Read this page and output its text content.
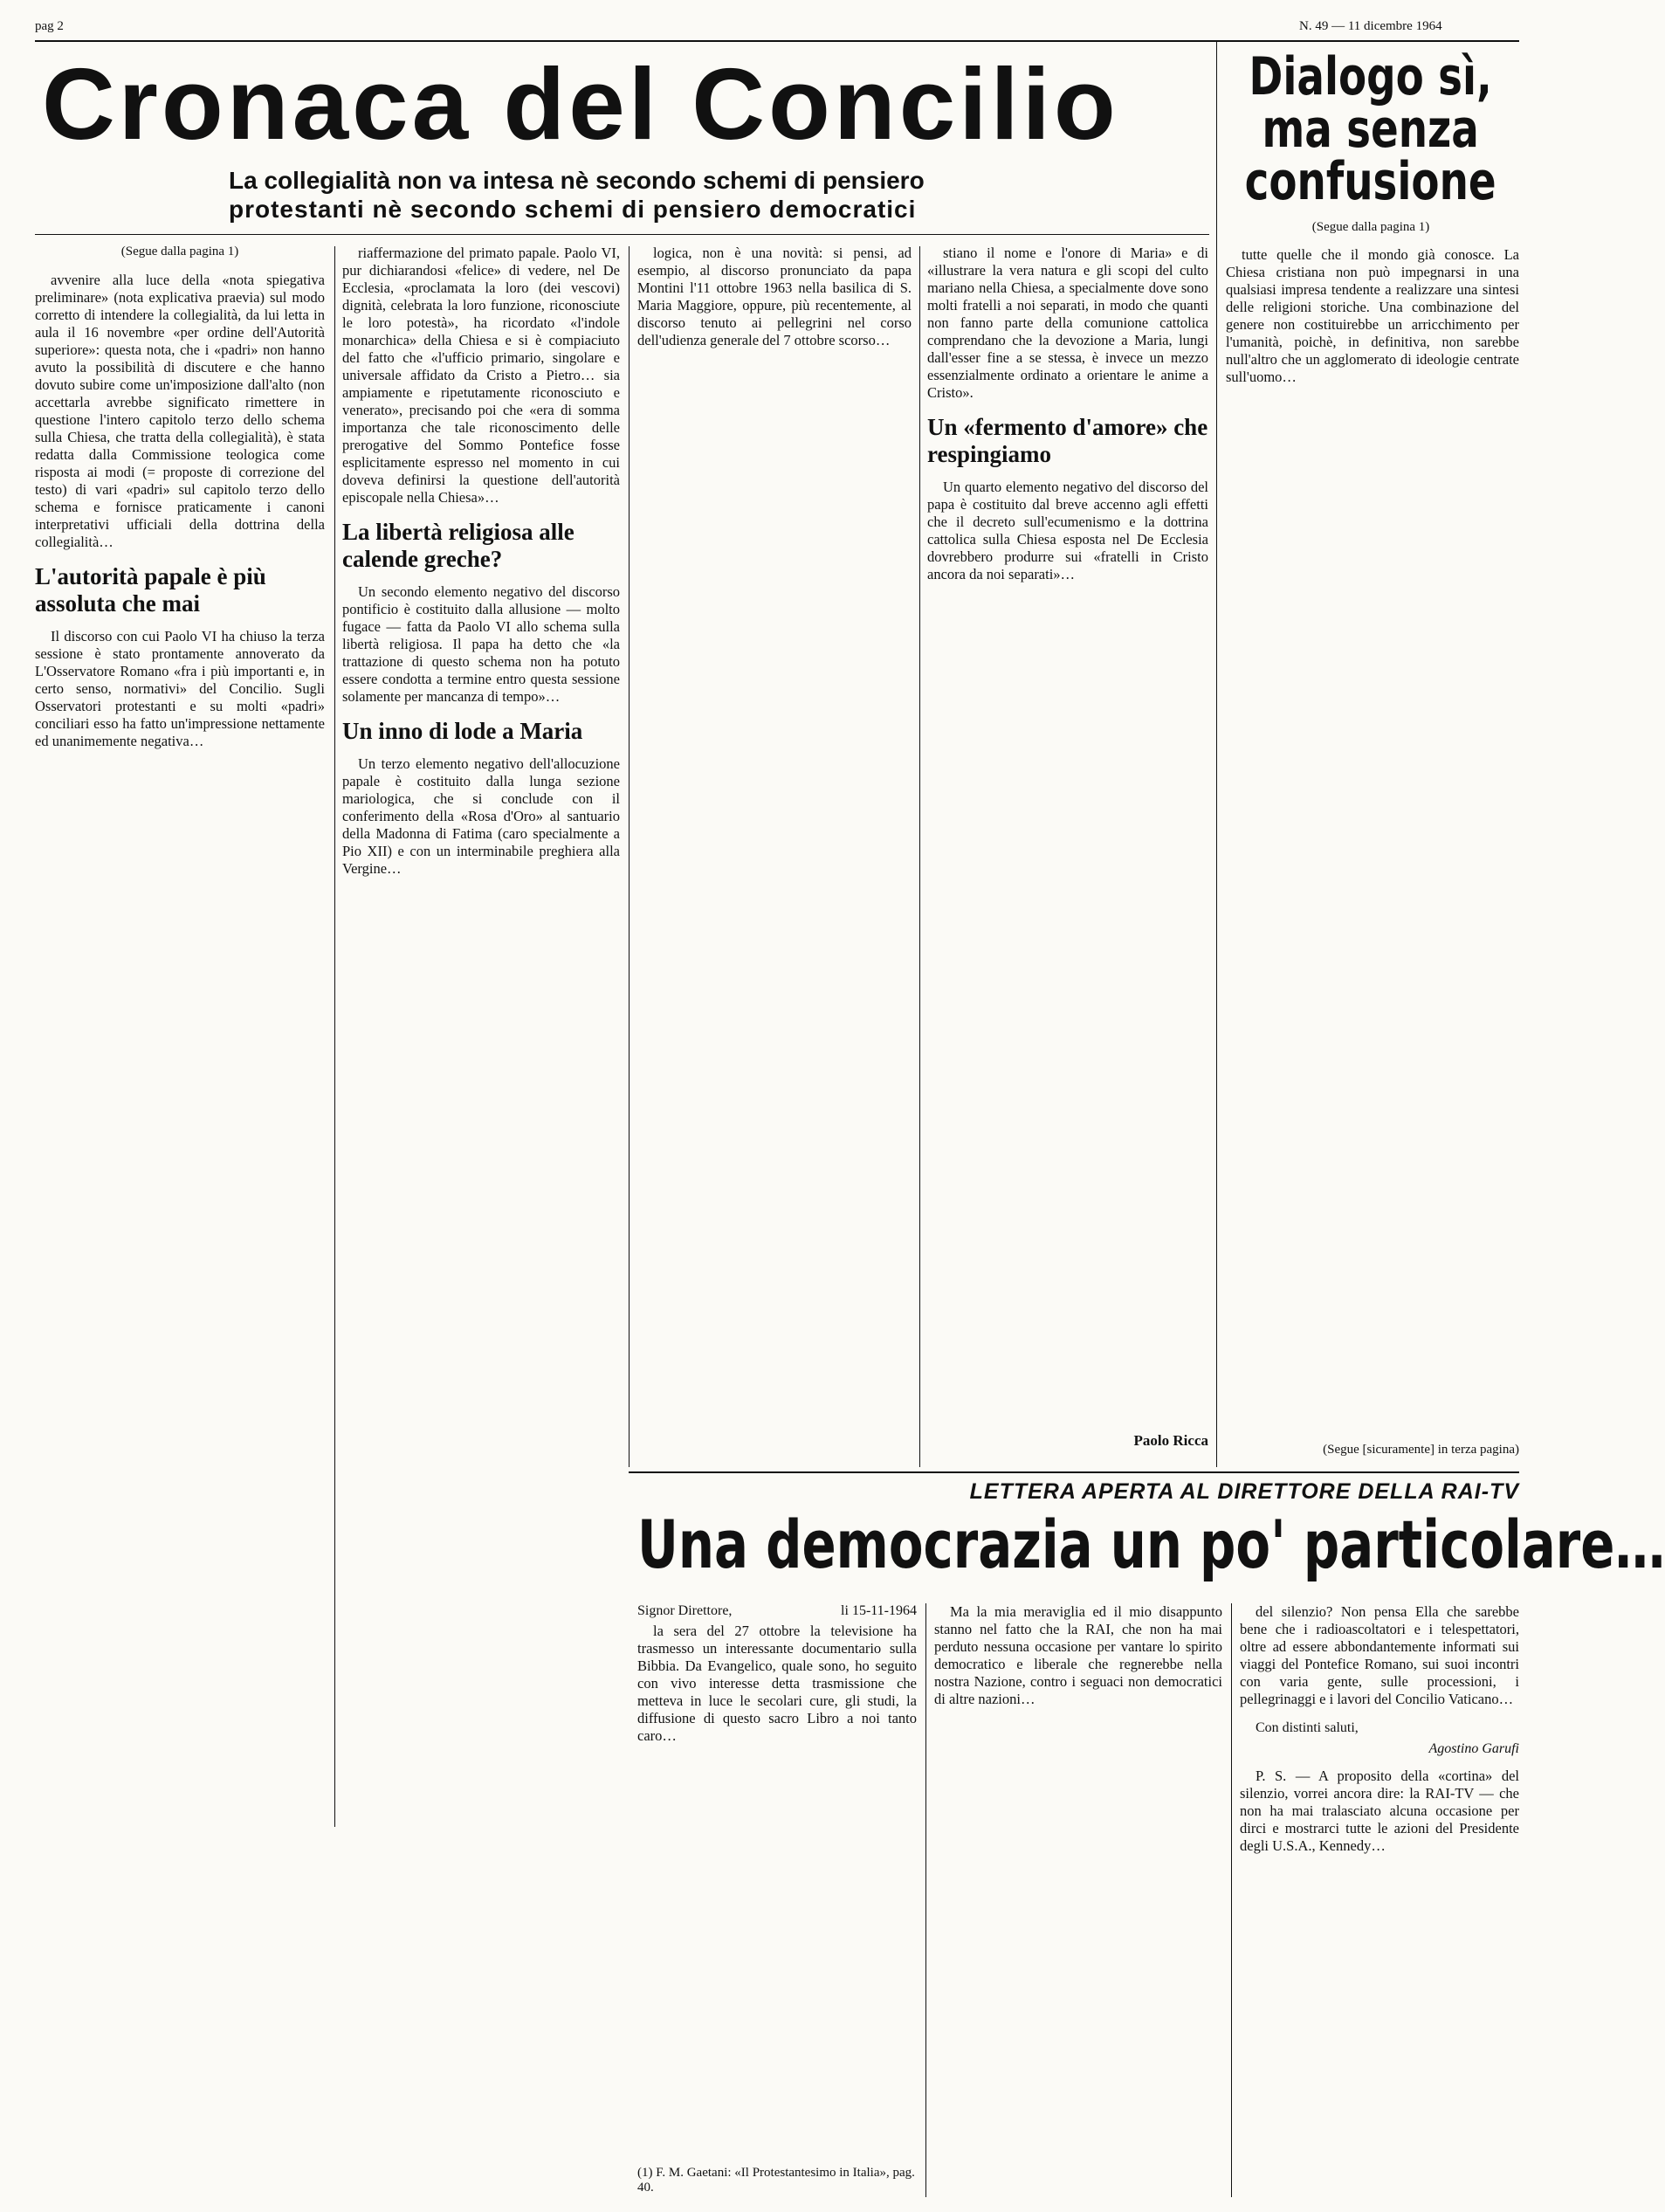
pag 2	N. 49 — 11 dicembre 1964
Cronaca del Concilio
La collegialità non va intesa nè secondo schemi di pensiero
protestanti nè secondo schemi di pensiero democratici
Dialogo sì,
ma senza
confusione
(Segue dalla pagina 1)
(Segue dalla pagina 1)

avvenire alla luce della «nota spiegativa preliminare» (nota explicativa praevia) sul modo corretto di intendere la collegialità, da lui letta in aula il 16 novembre «per ordine dell'Autorità superiore»: questa nota, che i «padri» non hanno avuto la possibilità di discutere e che hanno dovuto subire come un'imposizione dall'alto (non accettarla avrebbe significato rimettere in questione l'intero capitolo terzo dello schema sulla Chiesa, che tratta della collegialità), è stata redatta dalla Commissione teologica come risposta ai modi (= proposte di correzione del testo) di vari «padri» sul capitolo terzo dello schema e fornisce praticamente i canoni interpretativi ufficiali della dottrina della collegialità…

L'autorità papale è più assoluta che mai

Il discorso con cui Paolo VI ha chiuso la terza sessione è stato prontamente annoverato da L'Osservatore Romano «fra i più importanti e, in certo senso, normativi» del Concilio. Sugli Osservatori protestanti e su molti «padri» conciliari esso ha fatto un'impressione nettamente ed unanimemente negativa…

riaffermazione del primato papale. Paolo VI, pur dichiarandosi «felice» di vedere, nel De Ecclesia, «proclamata la loro (dei vescovi) dignità, celebrata la loro funzione, riconosciute le loro potestà», ha ricordato «l'indole monarchica» della Chiesa e si è compiaciuto del fatto che «l'ufficio primario, singolare e universale affidato da Cristo a Pietro… sia ampiamente e ripetutamente riconosciuto e venerato», precisando poi che «era di somma importanza che tale riconoscimento delle prerogative del Sommo Pontefice fosse esplicitamente espresso nel momento in cui doveva definirsi la questione dell'autorità episcopale nella Chiesa»…

La libertà religiosa alle calende greche?

Un secondo elemento negativo del discorso pontificio è costituito dalla allusione — molto fugace — fatta da Paolo VI allo schema sulla libertà religiosa. Il papa ha detto che «la trattazione di questo schema non ha potuto essere condotta a termine entro questa sessione solamente per mancanza di tempo»…

Un inno di lode a Maria

Un terzo elemento negativo dell'allocuzione papale è costituito dalla lunga sezione mariologica, che si conclude con il conferimento della «Rosa d'Oro» al santuario della Madonna di Fatima (caro specialmente a Pio XII) e con un interminabile preghiera alla Vergine…

logica, non è una novità: si pensi, ad esempio, al discorso pronunciato da papa Montini l'11 ottobre 1963 nella basilica di S. Maria Maggiore, oppure, più recentemente, al discorso tenuto ai pellegrini nel corso dell'udienza generale del 7 ottobre scorso…

stiano il nome e l'onore di Maria» e di «illustrare la vera natura e gli scopi del culto mariano nella Chiesa, a specialmente dove sono molti fratelli a noi separati, in modo che quanti non fanno parte della comunione cattolica comprendano che la devozione a Maria, lungi dall'esser fine a se stessa, è invece un mezzo essenzialmente ordinato a orientare le anime a Cristo».

Un «fermento d'amore» che respingiamo

Un quarto elemento negativo del discorso del papa è costituito dal breve accenno agli effetti che il decreto sull'ecumenismo e la dottrina cattolica sulla Chiesa esposta nel De Ecclesia dovrebbero produrre sui «fratelli in Cristo ancora da noi separati»…

Paolo Ricca

tutte quelle che il mondo già conosce. La Chiesa cristiana non può impegnarsi in una qualsiasi impresa tendente a realizzare una sintesi delle religioni storiche. Una combinazione del genere non costituirebbe un arricchimento per l'umanità, poichè, in definitiva, non sarebbe null'altro che un agglomerato di ideologie centrate sull'uomo…

(Segue [sicuramente] in terza pagina)
LETTERA APERTA AL DIRETTORE DELLA RAI-TV
Una democrazia un po' particolare…
Signor Direttore,	li 15-11-1964

la sera del 27 ottobre la televisione ha trasmesso un interessante documentario sulla Bibbia. Da Evangelico, quale sono, ho seguito con vivo interesse detta trasmissione che metteva in luce le secolari cure, gli studi, la diffusione di questo sacro Libro a noi tanto caro…

(1) F. M. Gaetani: «Il Protestantesimo in Italia», pag. 40.

Ma la mia meraviglia ed il mio disappunto stanno nel fatto che la RAI, che non ha mai perduto nessuna occasione per vantare lo spirito democratico e liberale che regnerebbe nella nostra Nazione, contro i seguaci non democratici di altre nazioni…

del silenzio? Non pensa Ella che sarebbe bene che i radioascoltatori e i telespettatori, oltre ad essere abbondantemente informati sui viaggi del Pontefice Romano, sui suoi incontri con varia gente, sulle processioni, i pellegrinaggi e i lavori del Concilio Vaticano…

Con distinti saluti,
Agostino Garufi

P. S. — A proposito della «cortina» del silenzio, vorrei ancora dire: la RAI-TV — che non ha mai tralasciato alcuna occasione per dirci e mostrarci tutte le azioni del Presidente degli U.S.A., Kennedy…
